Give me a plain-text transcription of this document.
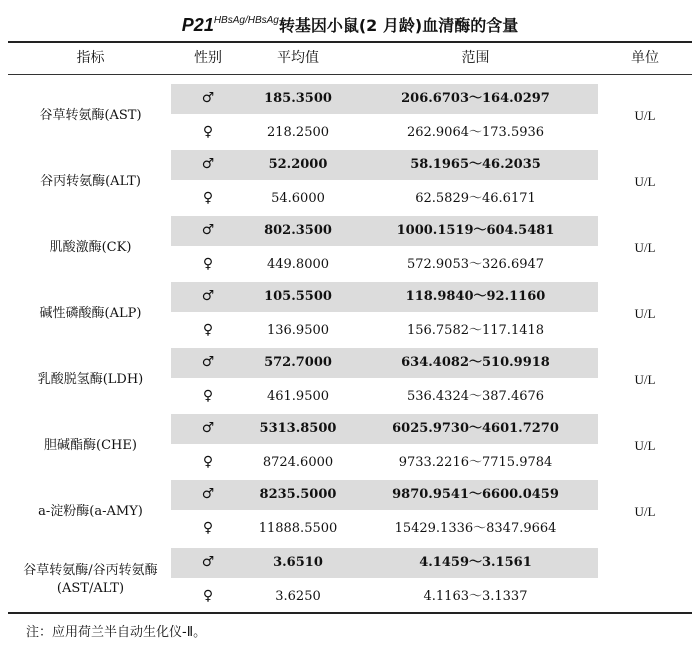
$P21^{HBsAg/HBsAg}$转基因小鼠(2 月龄)血清酶的含量
指标	性别	平均值	范围	单位
谷草转氨酶(AST)
♂	185.3500	206.6703～164.0297
♀	218.2500	262.9064～173.5936
U/L
谷丙转氨酶(ALT)
♂	52.2000	58.1965～46.2035
♀	54.6000	62.5829～46.6171
U/L
肌酸激酶(CK)
♂	802.3500	1000.1519～604.5481
♀	449.8000	572.9053～326.6947
U/L
碱性磷酸酶(ALP)
♂	105.5500	118.9840～92.1160
♀	136.9500	156.7582～117.1418
U/L
乳酸脱氢酶(LDH)
♂	572.7000	634.4082～510.9918
♀	461.9500	536.4324～387.4676
U/L
胆碱酯酶(CHE)
♂	5313.8500	6025.9730～4601.7270
♀	8724.6000	9733.2216～7715.9784
U/L
a-淀粉酶(a-AMY)
♂	8235.5000	9870.9541～6600.0459
♀	11888.5500	15429.1336～8347.9664
U/L
谷草转氨酶/谷丙转氨酶
(AST/ALT)
♂	3.6510	4.1459～3.1561
♀	3.6250	4.1163～3.1337
注：应用荷兰半自动生化仪-Ⅱ。
